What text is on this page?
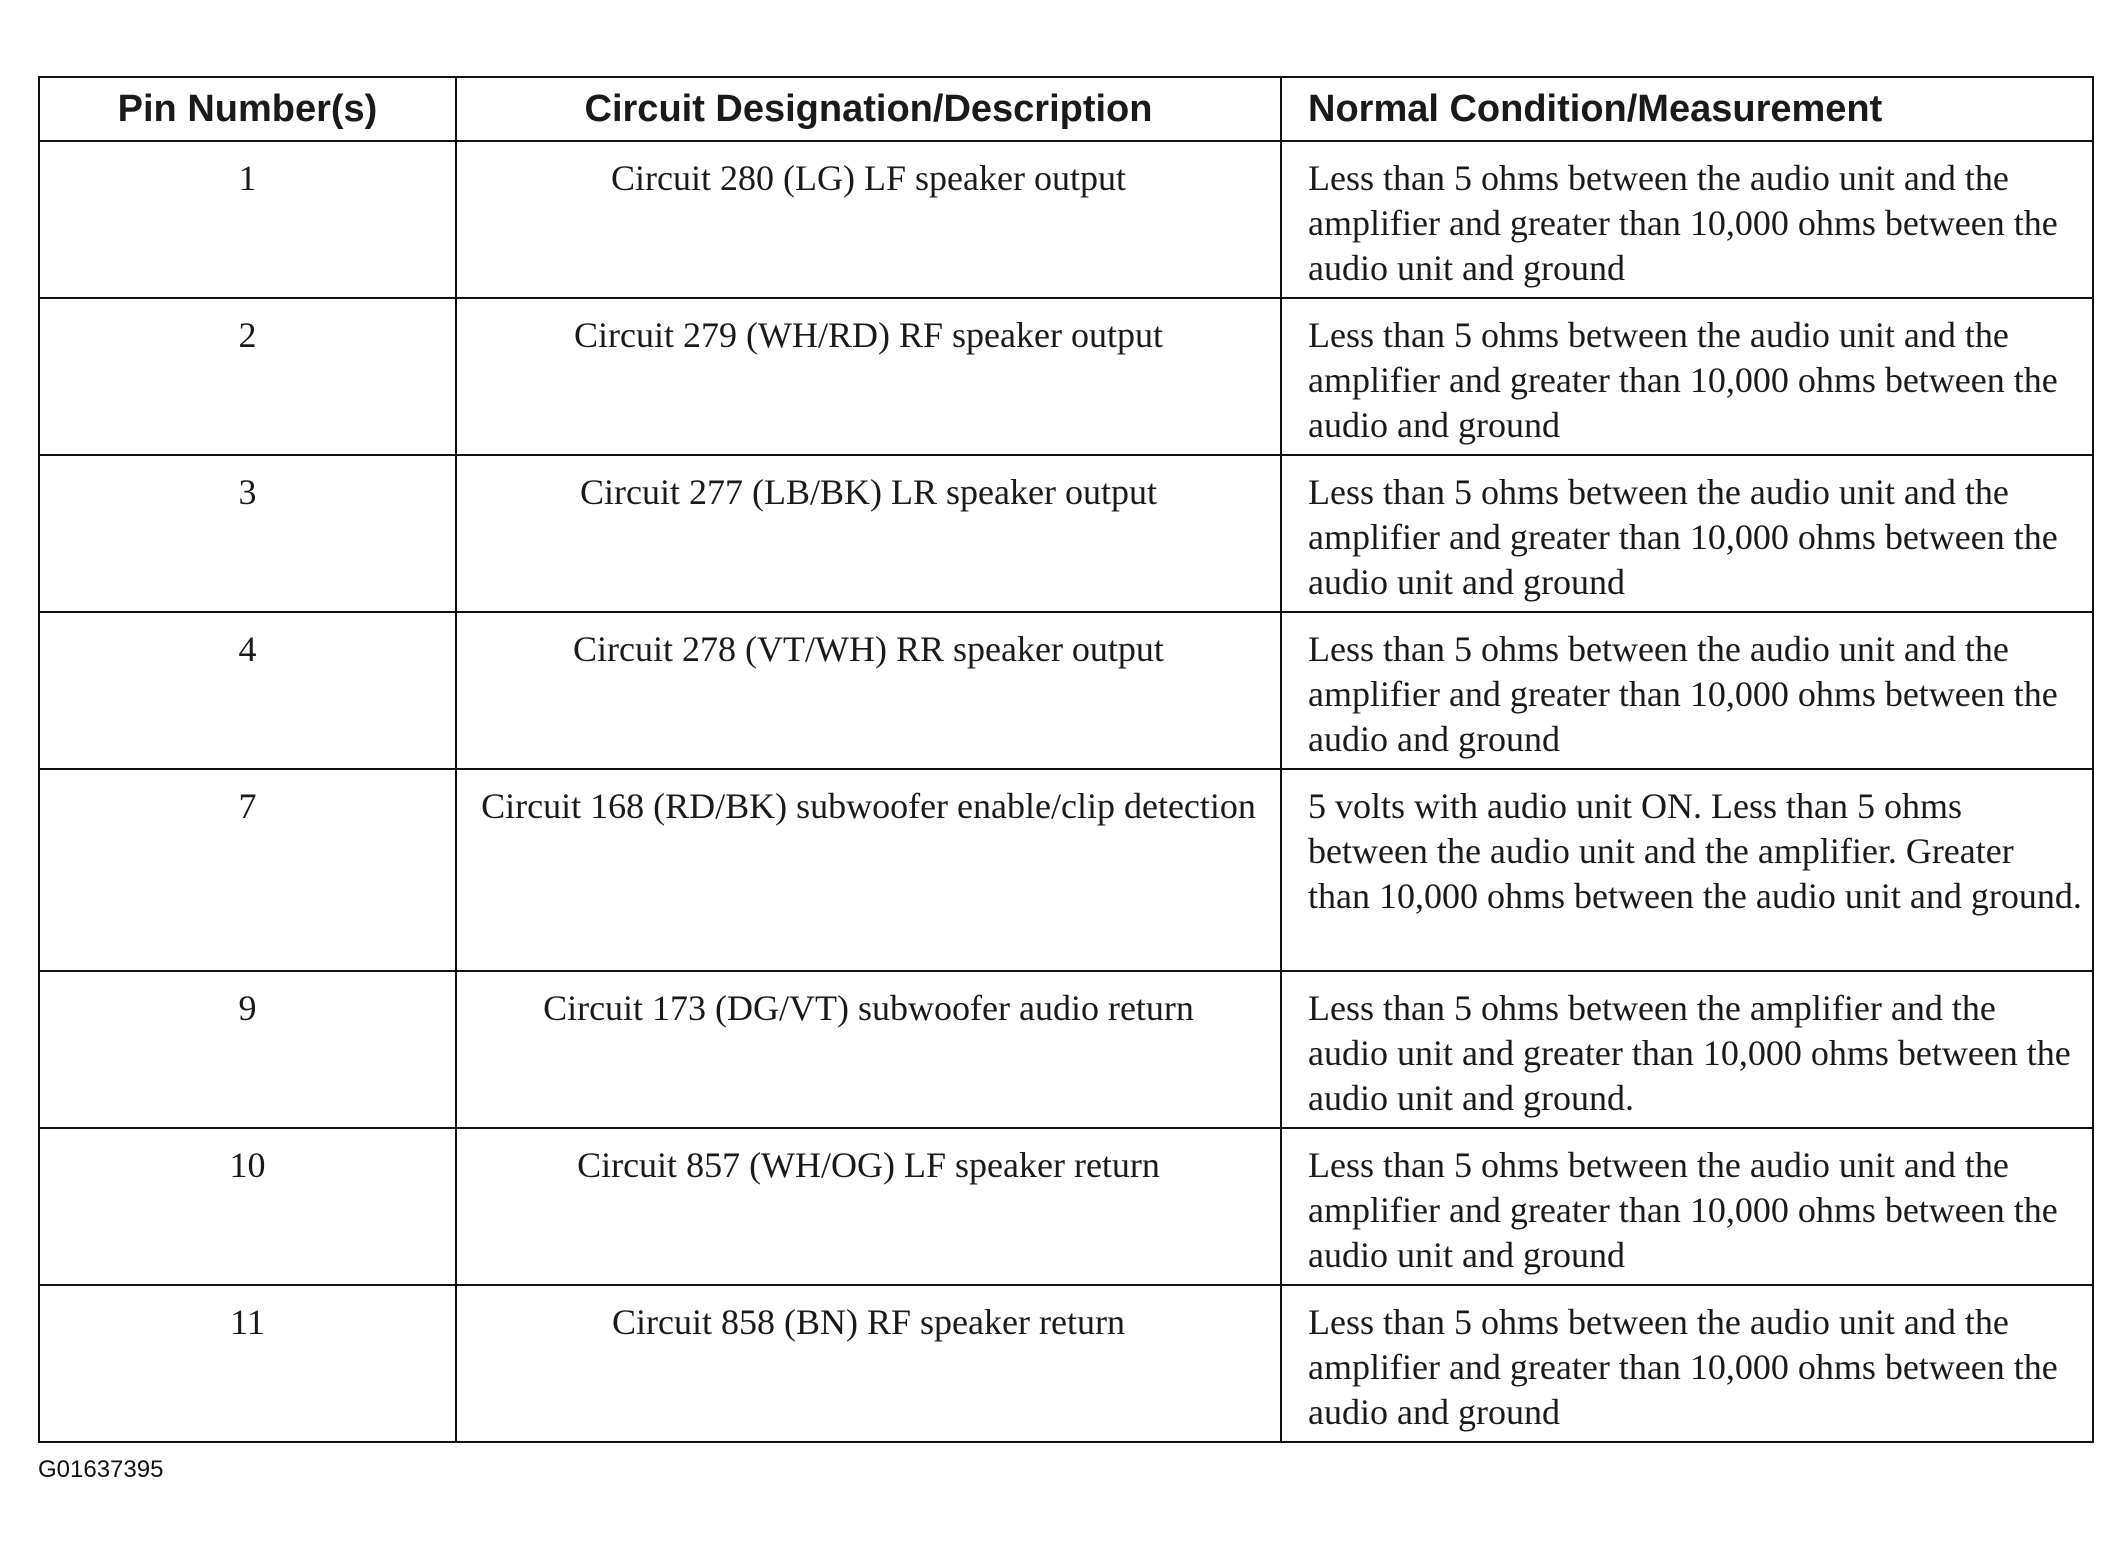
Pin Number(s)	Circuit Designation/Description	Normal Condition/Measurement
1	Circuit 280 (LG) LF speaker output	Less than 5 ohms between the audio unit and the amplifier and greater than 10,000 ohms between the audio unit and ground
2	Circuit 279 (WH/RD) RF speaker output	Less than 5 ohms between the audio unit and the amplifier and greater than 10,000 ohms between the audio and ground
3	Circuit 277 (LB/BK) LR speaker output	Less than 5 ohms between the audio unit and the amplifier and greater than 10,000 ohms between the audio unit and ground
4	Circuit 278 (VT/WH) RR speaker output	Less than 5 ohms between the audio unit and the amplifier and greater than 10,000 ohms between the audio and ground
7	Circuit 168 (RD/BK) subwoofer enable/clip detection	5 volts with audio unit ON. Less than 5 ohms between the audio unit and the amplifier. Greater than 10,000 ohms between the audio unit and ground.
9	Circuit 173 (DG/VT) subwoofer audio return	Less than 5 ohms between the amplifier and the audio unit and greater than 10,000 ohms between the audio unit and ground.
10	Circuit 857 (WH/OG) LF speaker return	Less than 5 ohms between the audio unit and the amplifier and greater than 10,000 ohms between the audio unit and ground
11	Circuit 858 (BN) RF speaker return	Less than 5 ohms between the audio unit and the amplifier and greater than 10,000 ohms between the audio and ground
G01637395
